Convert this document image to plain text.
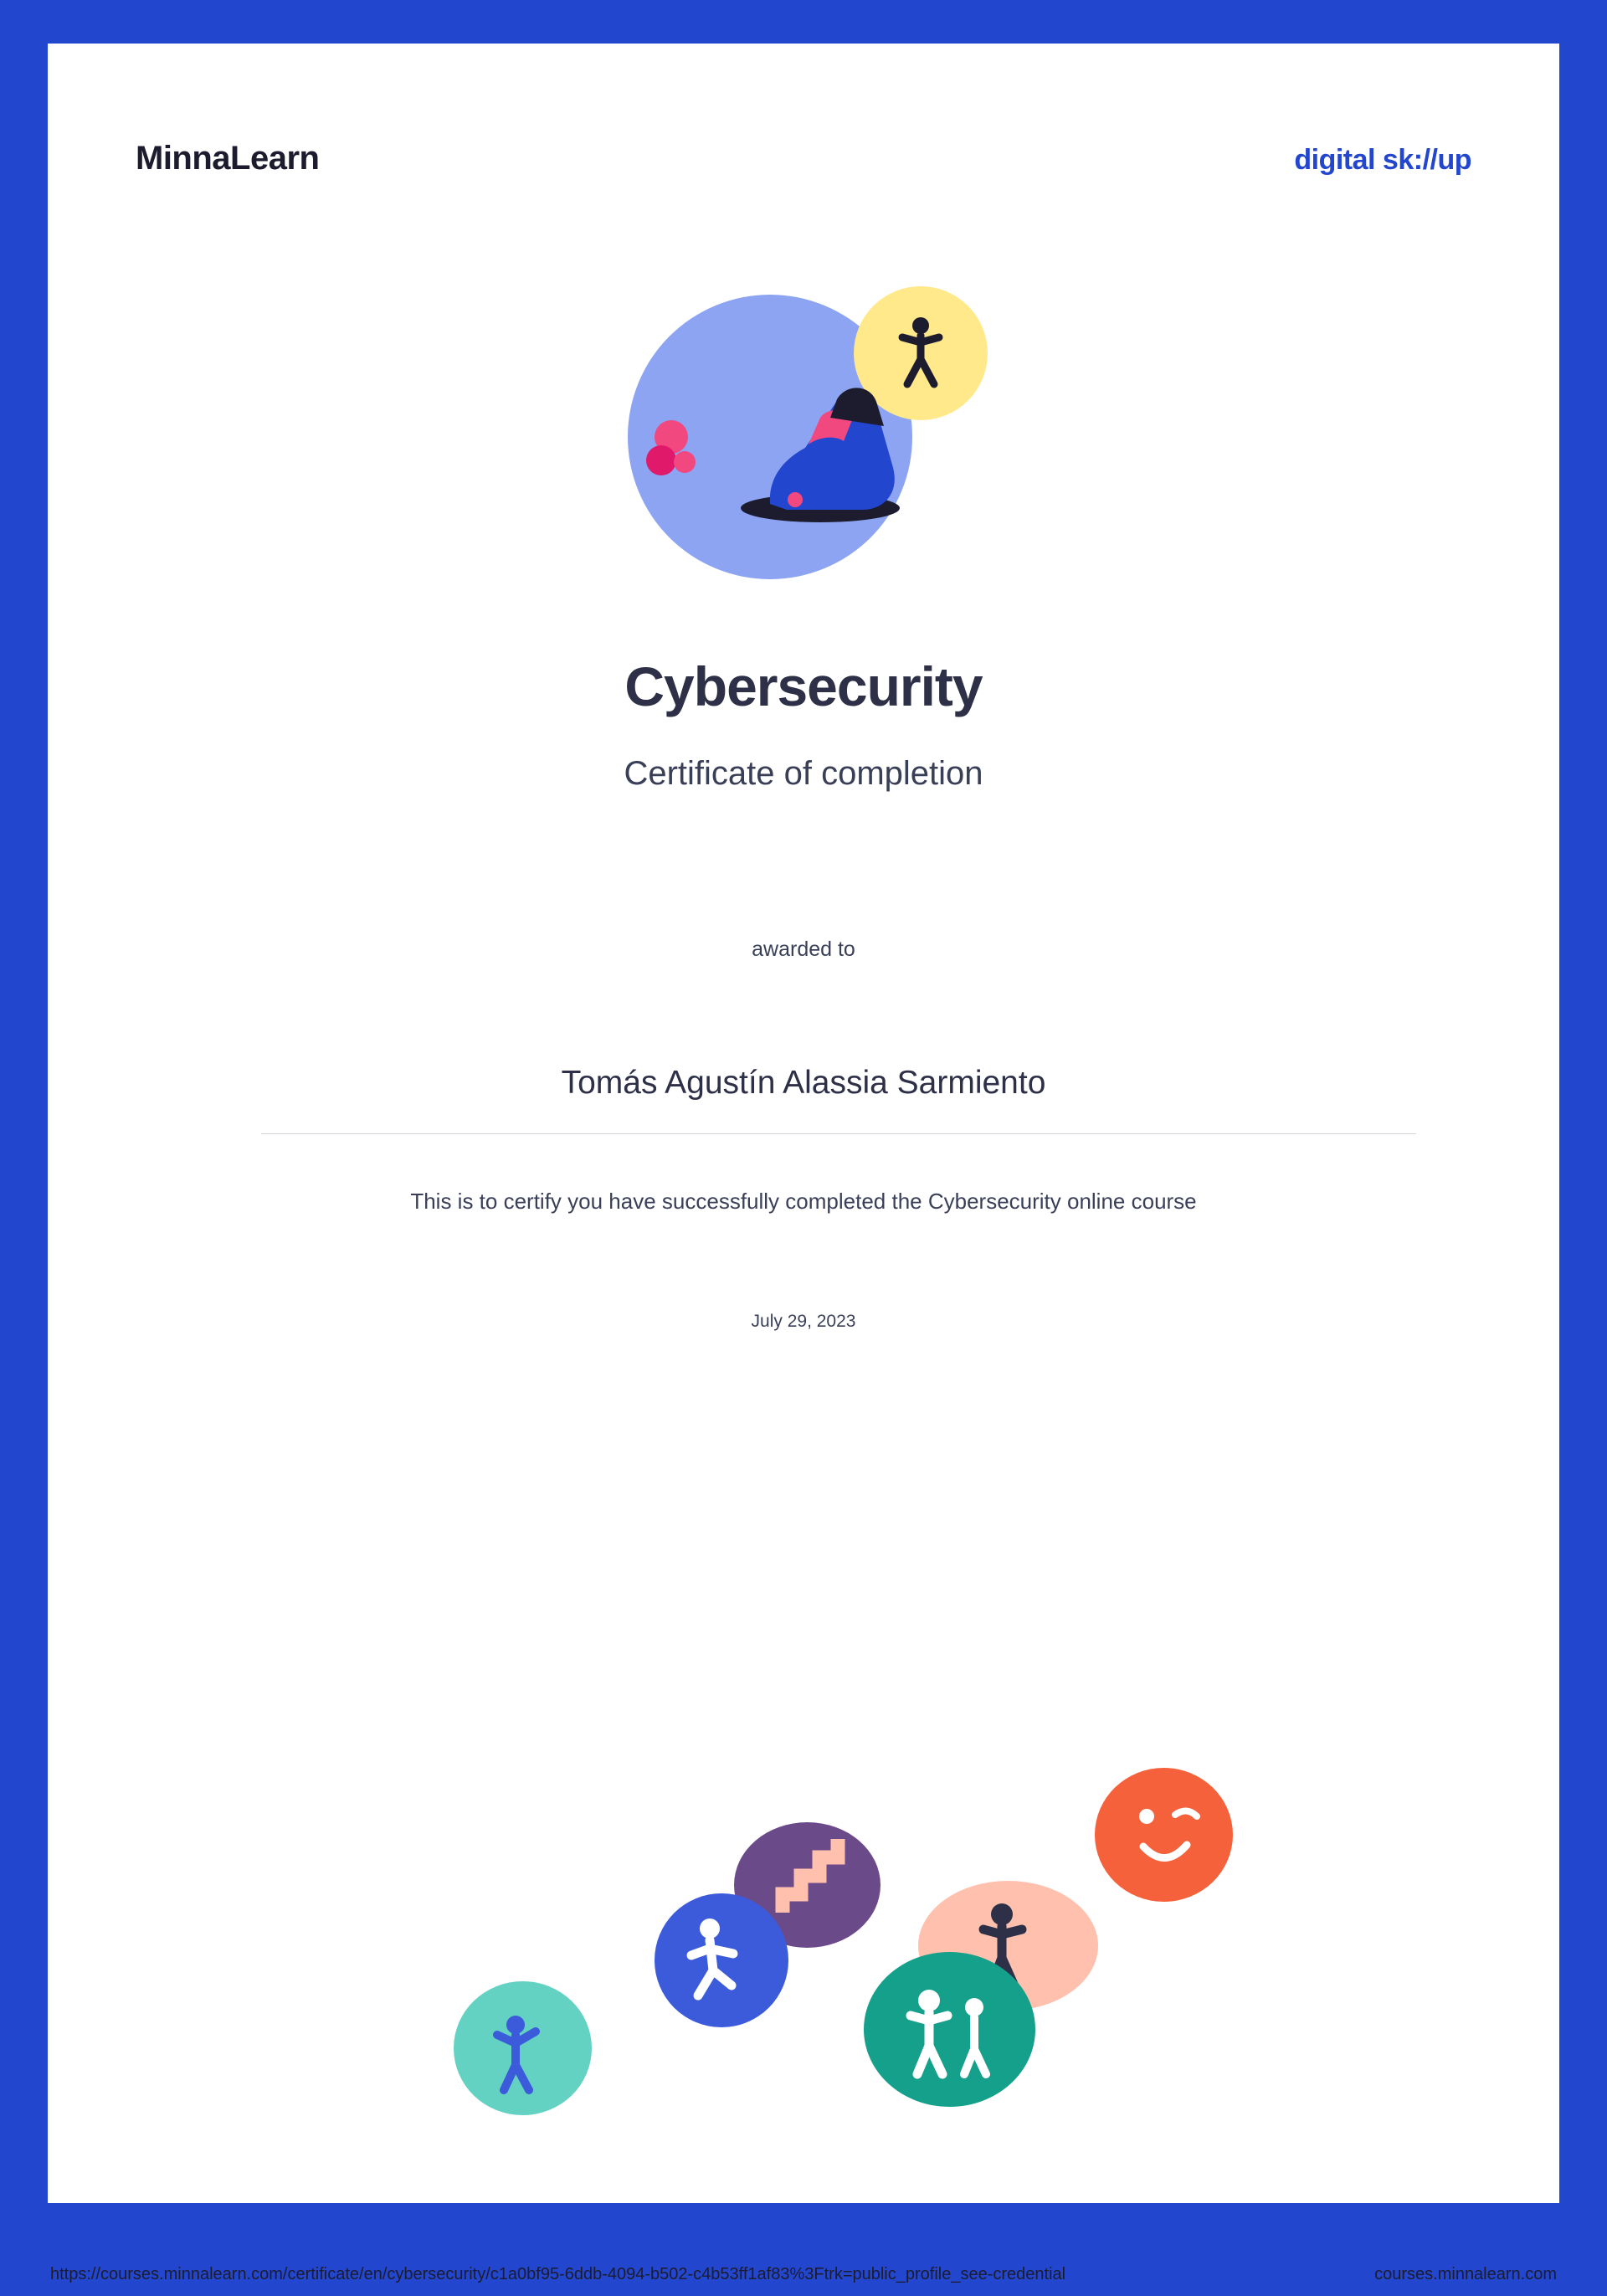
MinnaLearn	digital sk://up
Cybersecurity
Certificate of completion
awarded to
Tomás Agustín Alassia Sarmiento
This is to certify you have successfully completed the Cybersecurity online course
July 29, 2023
https://courses.minnalearn.com/certificate/en/cybersecurity/c1a0bf95-6ddb-4094-b502-c4b53ff1af83%3Ftrk=public_profile_see-credential	courses.minnalearn.com
